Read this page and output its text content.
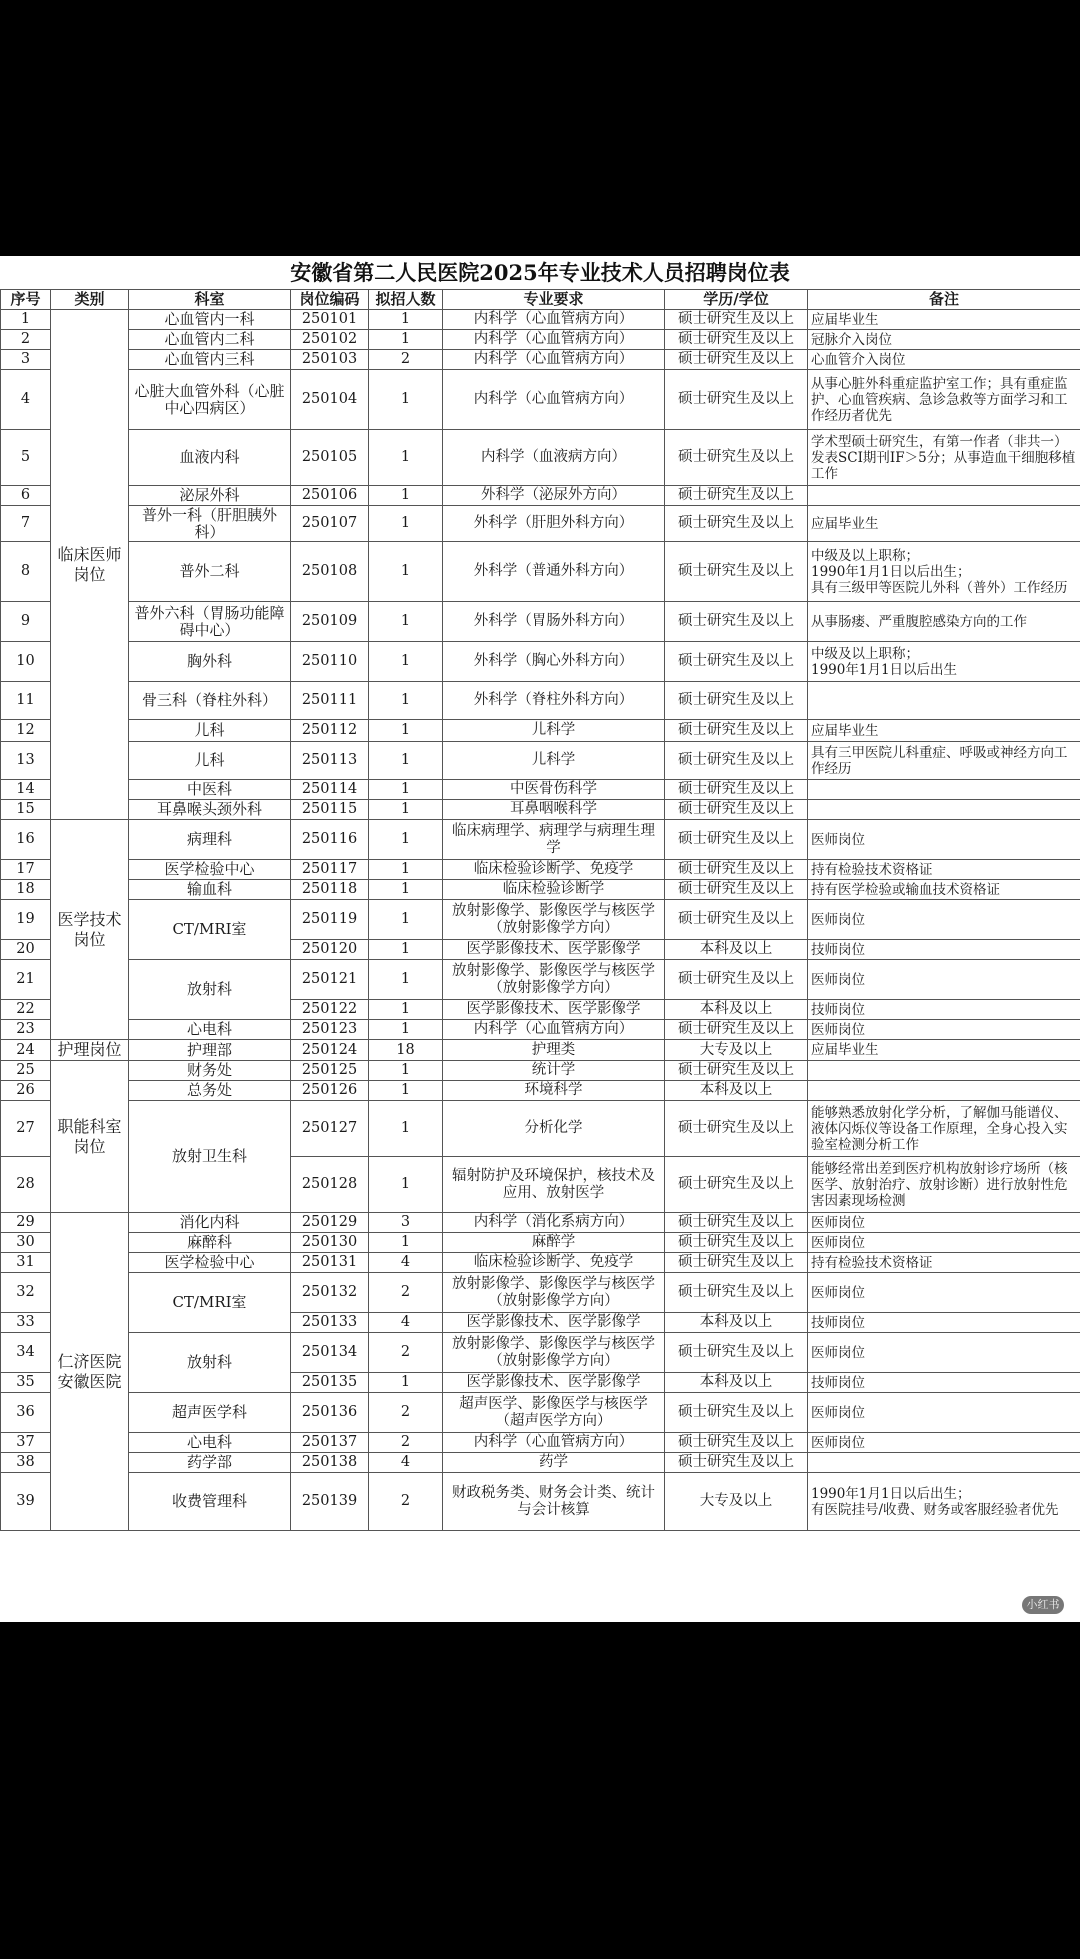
安徽省第二人民医院2025年专业技术人员招聘岗位表
序号	类别	科室	岗位编码	拟招人数	专业要求	学历/学位	备注
1	临床医师岗位	心血管内一科	250101	1	内科学（心血管病方向）	硕士研究生及以上	应届毕业生
2		心血管内二科	250102	1	内科学（心血管病方向）	硕士研究生及以上	冠脉介入岗位
3		心血管内三科	250103	2	内科学（心血管病方向）	硕士研究生及以上	心血管介入岗位
4		心脏大血管外科（心脏中心四病区）	250104	1	内科学（心血管病方向）	硕士研究生及以上	从事心脏外科重症监护室工作；具有重症监护、心血管疾病、急诊急救等方面学习和工作经历者优先
5		血液内科	250105	1	内科学（血液病方向）	硕士研究生及以上	学术型硕士研究生，有第一作者（非共一）发表SCI期刊IF＞5分；从事造血干细胞移植工作
6		泌尿外科	250106	1	外科学（泌尿外方向）	硕士研究生及以上	
7		普外一科（肝胆胰外科）	250107	1	外科学（肝胆外科方向）	硕士研究生及以上	应届毕业生
8		普外二科	250108	1	外科学（普通外科方向）	硕士研究生及以上	中级及以上职称；
1990年1月1日以后出生；
具有三级甲等医院儿外科（普外）工作经历
9		普外六科（胃肠功能障碍中心）	250109	1	外科学（胃肠外科方向）	硕士研究生及以上	从事肠瘘、严重腹腔感染方向的工作
10		胸外科	250110	1	外科学（胸心外科方向）	硕士研究生及以上	中级及以上职称；
1990年1月1日以后出生
11		骨三科（脊柱外科）	250111	1	外科学（脊柱外科方向）	硕士研究生及以上	
12		儿科	250112	1	儿科学	硕士研究生及以上	应届毕业生
13		儿科	250113	1	儿科学	硕士研究生及以上	具有三甲医院儿科重症、呼吸或神经方向工作经历
14		中医科	250114	1	中医骨伤科学	硕士研究生及以上	
15		耳鼻喉头颈外科	250115	1	耳鼻咽喉科学	硕士研究生及以上	
16	医学技术岗位	病理科	250116	1	临床病理学、病理学与病理生理学	硕士研究生及以上	医师岗位
17		医学检验中心	250117	1	临床检验诊断学、免疫学	硕士研究生及以上	持有检验技术资格证
18		输血科	250118	1	临床检验诊断学	硕士研究生及以上	持有医学检验或输血技术资格证
19		CT/MRI室	250119	1	放射影像学、影像医学与核医学（放射影像学方向）	硕士研究生及以上	医师岗位
20			250120	1	医学影像技术、医学影像学	本科及以上	技师岗位
21		放射科	250121	1	放射影像学、影像医学与核医学（放射影像学方向）	硕士研究生及以上	医师岗位
22			250122	1	医学影像技术、医学影像学	本科及以上	技师岗位
23		心电科	250123	1	内科学（心血管病方向）	硕士研究生及以上	医师岗位
24	护理岗位	护理部	250124	18	护理类	大专及以上	应届毕业生
25	职能科室岗位	财务处	250125	1	统计学	硕士研究生及以上	
26		总务处	250126	1	环境科学	本科及以上	
27		放射卫生科	250127	1	分析化学	硕士研究生及以上	能够熟悉放射化学分析，了解伽马能谱仪、液体闪烁仪等设备工作原理，全身心投入实验室检测分析工作
28			250128	1	辐射防护及环境保护，核技术及应用、放射医学	硕士研究生及以上	能够经常出差到医疗机构放射诊疗场所（核医学、放射治疗、放射诊断）进行放射性危害因素现场检测
29	仁济医院安徽医院	消化内科	250129	3	内科学（消化系病方向）	硕士研究生及以上	医师岗位
30		麻醉科	250130	1	麻醉学	硕士研究生及以上	医师岗位
31		医学检验中心	250131	4	临床检验诊断学、免疫学	硕士研究生及以上	持有检验技术资格证
32		CT/MRI室	250132	2	放射影像学、影像医学与核医学（放射影像学方向）	硕士研究生及以上	医师岗位
33			250133	4	医学影像技术、医学影像学	本科及以上	技师岗位
34		放射科	250134	2	放射影像学、影像医学与核医学（放射影像学方向）	硕士研究生及以上	医师岗位
35			250135	1	医学影像技术、医学影像学	本科及以上	技师岗位
36		超声医学科	250136	2	超声医学、影像医学与核医学（超声医学方向）	硕士研究生及以上	医师岗位
37		心电科	250137	2	内科学（心血管病方向）	硕士研究生及以上	医师岗位
38		药学部	250138	4	药学	硕士研究生及以上	
39		收费管理科	250139	2	财政税务类、财务会计类、统计与会计核算	大专及以上	1990年1月1日以后出生；
有医院挂号/收费、财务或客服经验者优先
小红书
